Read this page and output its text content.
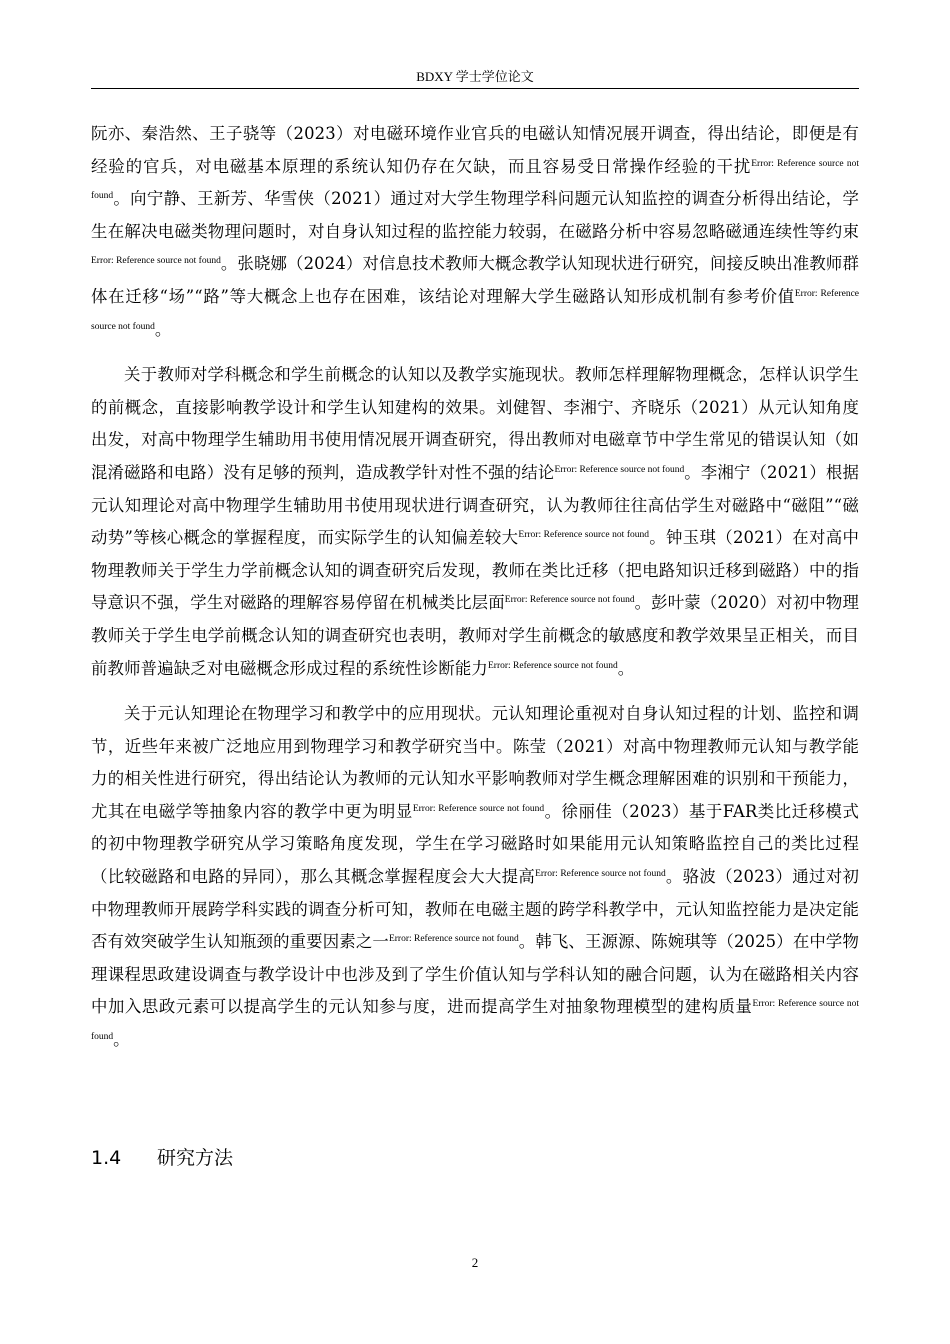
BDXY 学士学位论文

阮亦、秦浩然、王子骁等（2023）对电磁环境作业官兵的电磁认知情况展开调查，得出结论，即便是有经验的官兵，对电磁基本原理的系统认知仍存在欠缺，而且容易受日常操作经验的干扰$^{Error: Reference source not found}$。向宁静、王新芳、华雪侠（2021）通过对大学生物理学科问题元认知监控的调查分析得出结论，学生在解决电磁类物理问题时，对自身认知过程的监控能力较弱，在磁路分析中容易忽略磁通连续性等约束$^{Error: Reference source not found}$。张晓娜（2024）对信息技术教师大概念教学认知现状进行研究，间接反映出准教师群体在迁移“场”“路”等大概念上也存在困难，该结论对理解大学生磁路认知形成机制有参考价值$^{Error: Reference source not found}$。

关于教师对学科概念和学生前概念的认知以及教学实施现状。教师怎样理解物理概念，怎样认识学生的前概念，直接影响教学设计和学生认知建构的效果。刘健智、李湘宁、齐晓乐（2021）从元认知角度出发，对高中物理学生辅助用书使用情况展开调查研究，得出教师对电磁章节中学生常见的错误认知（如混淆磁路和电路）没有足够的预判，造成教学针对性不强的结论$^{Error: Reference source not found}$。李湘宁（2021）根据元认知理论对高中物理学生辅助用书使用现状进行调查研究，认为教师往往高估学生对磁路中“磁阻”“磁动势”等核心概念的掌握程度，而实际学生的认知偏差较大$^{Error: Reference source not found}$。钟玉琪（2021）在对高中物理教师关于学生力学前概念认知的调查研究后发现，教师在类比迁移（把电路知识迁移到磁路）中的指导意识不强，学生对磁路的理解容易停留在机械类比层面$^{Error: Reference source not found}$。彭叶蒙（2020）对初中物理教师关于学生电学前概念认知的调查研究也表明，教师对学生前概念的敏感度和教学效果呈正相关，而目前教师普遍缺乏对电磁概念形成过程的系统性诊断能力$^{Error: Reference source not found}$。

关于元认知理论在物理学习和教学中的应用现状。元认知理论重视对自身认知过程的计划、监控和调节，近些年来被广泛地应用到物理学习和教学研究当中。陈莹（2021）对高中物理教师元认知与教学能力的相关性进行研究，得出结论认为教师的元认知水平影响教师对学生概念理解困难的识别和干预能力，尤其在电磁学等抽象内容的教学中更为明显$^{Error: Reference source not found}$。徐丽佳（2023）基于FAR类比迁移模式的初中物理教学研究从学习策略角度发现，学生在学习磁路时如果能用元认知策略监控自己的类比过程（比较磁路和电路的异同），那么其概念掌握程度会大大提高$^{Error: Reference source not found}$。骆波（2023）通过对初中物理教师开展跨学科实践的调查分析可知，教师在电磁主题的跨学科教学中，元认知监控能力是决定能否有效突破学生认知瓶颈的重要因素之一$^{Error: Reference source not found}$。韩飞、王源源、陈婉琪等（2025）在中学物理课程思政建设调查与教学设计中也涉及到了学生价值认知与学科认知的融合问题，认为在磁路相关内容中加入思政元素可以提高学生的元认知参与度，进而提高学生对抽象物理模型的建构质量$^{Error: Reference source not found}$。

1.4 研究方法
2
